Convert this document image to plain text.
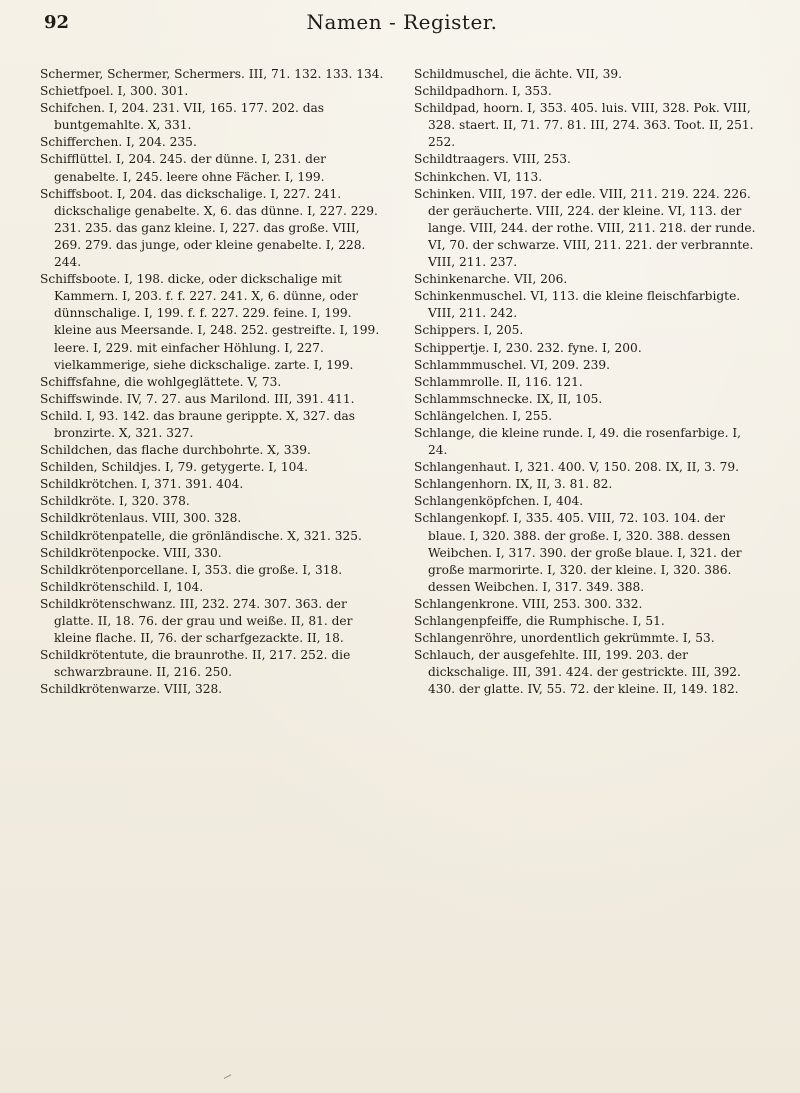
92	Namen - Register.

Schermer, Schermer, Schermers. III, 71. 132. 133. 134.

Schietfpoel. I, 300. 301.

Schifchen. I, 204. 231. VII, 165. 177. 202. das buntgemahlte. X, 331.

Schifferchen. I, 204. 235.

Schifflüttel. I, 204. 245. der dünne. I, 231. der genabelte. I, 245. leere ohne Fächer. I, 199.

Schiffsboot. I, 204. das dickschalige. I, 227. 241. dickschalige genabelte. X, 6. das dünne. I, 227. 229. 231. 235. das ganz kleine. I, 227. das große. VIII, 269. 279. das junge, oder kleine genabelte. I, 228. 244.

Schiffsboote. I, 198. dicke, oder dickschalige mit Kammern. I, 203. f. f. 227. 241. X, 6. dünne, oder dünnschalige. I, 199. f. f. 227. 229. feine. I, 199. kleine aus Meersande. I, 248. 252. gestreifte. I, 199. leere. I, 229. mit einfacher Höhlung. I, 227. vielkammerige, siehe dickschalige. zarte. I, 199.

Schiffsfahne, die wohlgeglättete. V, 73.

Schiffswinde. IV, 7. 27. aus Marilond. III, 391. 411.

Schild. I, 93. 142. das braune gerippte. X, 327. das bronzirte. X, 321. 327.

Schildchen, das flache durchbohrte. X, 339.

Schilden, Schildjes. I, 79. getygerte. I, 104.

Schildkrötchen. I, 371. 391. 404.

Schildkröte. I, 320. 378.

Schildkrötenlaus. VIII, 300. 328.

Schildkrötenpatelle, die grönländische. X, 321. 325.

Schildkrötenpocke. VIII, 330.

Schildkrötenporcellane. I, 353. die große. I, 318.

Schildkrötenschild. I, 104.

Schildkrötenschwanz. III, 232. 274. 307. 363. der glatte. II, 18. 76. der grau und weiße. II, 81. der kleine flache. II, 76. der scharfgezackte. II, 18.

Schildkrötentute, die braunrothe. II, 217. 252. die schwarzbraune. II, 216. 250.

Schildkrötenwarze. VIII, 328.

Schildmuschel, die ächte. VII, 39.

Schildpadhorn. I, 353.

Schildpad, hoorn. I, 353. 405. luis. VIII, 328. Pok. VIII, 328. staert. II, 71. 77. 81. III, 274. 363. Toot. II, 251. 252.

Schildtraagers. VIII, 253.

Schinkchen. VI, 113.

Schinken. VIII, 197. der edle. VIII, 211. 219. 224. 226. der geräucherte. VIII, 224. der kleine. VI, 113. der lange. VIII, 244. der rothe. VIII, 211. 218. der runde. VI, 70. der schwarze. VIII, 211. 221. der verbrannte. VIII, 211. 237.

Schinkenarche. VII, 206.

Schinkenmuschel. VI, 113. die kleine fleischfarbigte. VIII, 211. 242.

Schippers. I, 205.

Schippertje. I, 230. 232. fyne. I, 200.

Schlammmuschel. VI, 209. 239.

Schlammrolle. II, 116. 121.

Schlammschnecke. IX, II, 105.

Schlängelchen. I, 255.

Schlange, die kleine runde. I, 49. die rosenfarbige. I, 24.

Schlangenhaut. I, 321. 400. V, 150. 208. IX, II, 3. 79.

Schlangenhorn. IX, II, 3. 81. 82.

Schlangenköpfchen. I, 404.

Schlangenkopf. I, 335. 405. VIII, 72. 103. 104. der blaue. I, 320. 388. der große. I, 320. 388. dessen Weibchen. I, 317. 390. der große blaue. I, 321. der große marmorirte. I, 320. der kleine. I, 320. 386. dessen Weibchen. I, 317. 349. 388.

Schlangenkrone. VIII, 253. 300. 332.

Schlangenpfeiffe, die Rumphische. I, 51.

Schlangenröhre, unordentlich gekrümmte. I, 53.

Schlauch, der ausgefehlte. III, 199. 203. der dickschalige. III, 391. 424. der gestrickte. III, 392. 430. der glatte. IV, 55. 72. der kleine. II, 149. 182.
